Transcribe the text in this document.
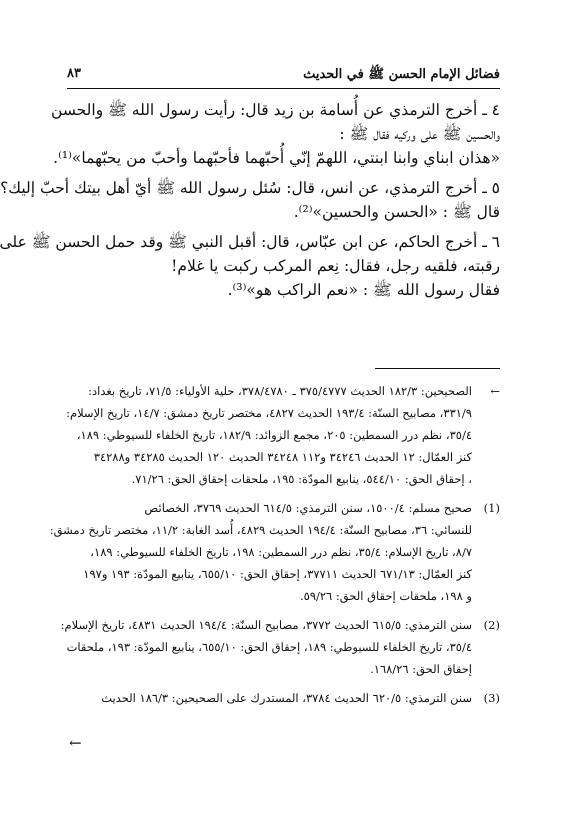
فضائل الإمام الحسن ﷺ في الحديث
٨٣
٤ ـ أخرج الترمذي عن أُسامة بن زيد قال: رأيت رسول الله ﷺ والحسن
والحسين ﷺ على وركيه فقال ﷺ :
«هذان ابناي وابنا ابنتي، اللهمّ إنّي أُحبّهما فأحبّهما وأحبّ من يحبّهما»⁽¹⁾.
٥ ـ أخرج الترمذي، عن انس، قال: سُئل رسول الله ﷺ أيّ أهل بيتك أحبّ إليك؟
قال ﷺ : «الحسن والحسين»⁽²⁾.
٦ ـ أخرج الحاكم، عن ابن عبّاس، قال: أقبل النبي ﷺ وقد حمل الحسن ﷺ على
رقبته، فلقيه رجل، فقال: نِعم المركب ركبت يا غلام!
فقال رسول الله ﷺ : «نعم الراكب هو»⁽³⁾.
←الصحيحين: ١٨٢/٣ الحديث ٣٧٥/٤٧٧٧ ـ ٣٧٨/٤٧٨٠، حلية الأولياء: ٧١/٥، تاريخ بغداد:
٣٣١/٩، مصابيح السنّة: ١٩٣/٤ الحديث ٤٨٢٧، مختصر تاريخ دمشق: ١٤/٧، تاريخ الإسلام:
٣٥/٤، نظم درر السمطين: ٢٠٥، مجمع الزوائد: ١٨٢/٩، تاريخ الخلفاء للسيوطي: ١٨٩،
كنز العمّال: ١٢ الحديث ٣٤٢٤٦ و١١٢ ٣٤٢٤٨ الحديث ١٢٠ الحديث ٣٤٢٨٥ و٣٤٢٨٨
، إحقاق الحق: ٥٤٤/١٠، ينابيع المودّة: ١٩٥، ملحقات إحقاق الحق: ٧١/٢٦.
(1)صحيح مسلم: ١٥٠٠/٤، سنن الترمذي: ٦١٤/٥ الحديث ٣٧٦٩، الخصائص
للنسائي: ٣٦، مصابيح السنّة: ١٩٤/٤ الحديث ٤٨٢٩، أُسد الغابة: ١١/٢، مختصر تاريخ دمشق:
٨/٧، تاريخ الإسلام: ٣٥/٤، نظم درر السمطين: ١٩٨، تاريخ الخلفاء للسيوطي: ١٨٩،
كنز العمّال: ٦٧١/١٣ الحديث ٣٧٧١١، إحقاق الحق: ٦٥٥/١٠، ينابيع المودّة: ١٩٣ و١٩٧
و ١٩٨، ملحقات إحقاق الحق: ٥٩/٢٦.
(2)سنن الترمذي: ٦١٥/٥ الحديث ٣٧٧٢، مصابيح السنّة: ١٩٤/٤ الحديث ٤٨٣١، تاريخ الإسلام:
٣٥/٤، تاريخ الخلفاء للسيوطي: ١٨٩، إحقاق الحق: ٦٥٥/١٠، ينابيع المودّة: ١٩٣، ملحقات
إحقاق الحق: ١٦٨/٢٦.
(3)سنن الترمذي: ٦٢٠/٥ الحديث ٣٧٨٤، المستدرك على الصحيحين: ١٨٦/٣ الحديث
←
